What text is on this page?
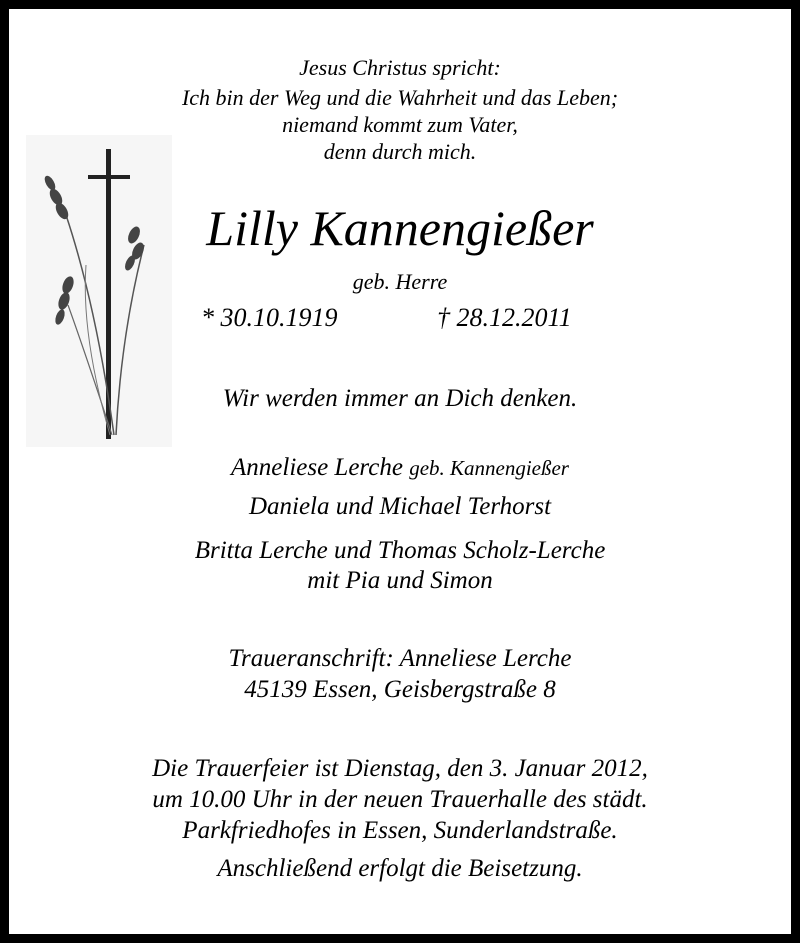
Jesus Christus spricht:
Ich bin der Weg und die Wahrheit und das Leben;
niemand kommt zum Vater,
denn durch mich.
Lilly Kannengießer
geb. Herre
* 30.10.1919	† 28.12.2011
Wir werden immer an Dich denken.
Anneliese Lerche geb. Kannengießer
Daniela und Michael Terhorst
Britta Lerche und Thomas Scholz-Lerche
mit Pia und Simon
Traueranschrift: Anneliese Lerche
45139 Essen, Geisbergstraße 8
Die Trauerfeier ist Dienstag, den 3. Januar 2012,
um 10.00 Uhr in der neuen Trauerhalle des städt.
Parkfriedhofes in Essen, Sunderlandstraße.
Anschließend erfolgt die Beisetzung.
